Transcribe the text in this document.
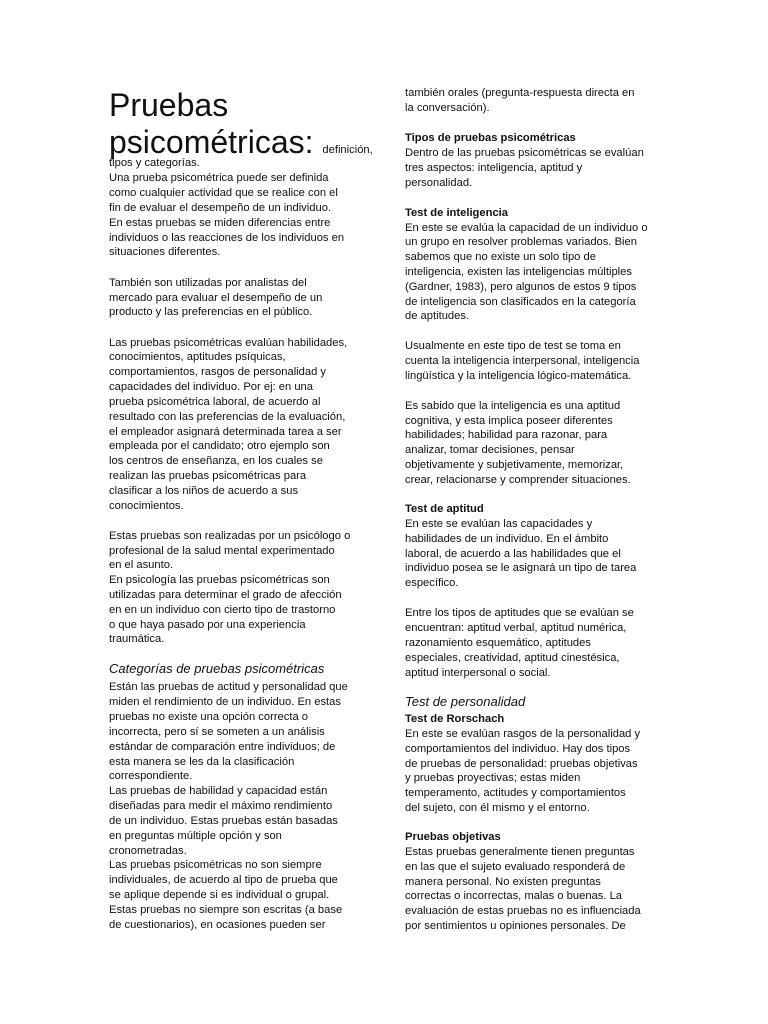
Pruebas
psicométricas: definición,
tipos y categorías.
Una prueba psicométrica puede ser definida
como cualquier actividad que se realice con el
fin de evaluar el desempeño de un individuo.
En estas pruebas se miden diferencias entre
individuos o las reacciones de los individuos en
situaciones diferentes.
También son utilizadas por analistas del
mercado para evaluar el desempeño de un
producto y las preferencias en el público.
Las pruebas psicométricas evalúan habilidades,
conocimientos, aptitudes psíquicas,
comportamientos, rasgos de personalidad y
capacidades del individuo. Por ej: en una
prueba psicométrica laboral, de acuerdo al
resultado con las preferencias de la evaluación,
el empleador asignará determinada tarea a ser
empleada por el candidato; otro ejemplo son
los centros de enseñanza, en los cuales se
realizan las pruebas psicométricas para
clasificar a los niños de acuerdo a sus
conocimientos.
Estas pruebas son realizadas por un psicólogo o
profesional de la salud mental experimentado
en el asunto.
En psicología las pruebas psicométricas son
utilizadas para determinar el grado de afección
en en un individuo con cierto tipo de trastorno
o que haya pasado por una experiencia
traumática.
Categorías de pruebas psicométricas
Están las pruebas de actitud y personalidad que
miden el rendimiento de un individuo. En estas
pruebas no existe una opción correcta o
incorrecta, pero sí se someten a un análisis
estándar de comparación entre individuos; de
esta manera se les da la clasificación
correspondiente.
Las pruebas de habilidad y capacidad están
diseñadas para medir el máximo rendimiento
de un individuo. Estas pruebas están basadas
en preguntas múltiple opción y son
cronometradas.
Las pruebas psicométricas no son siempre
individuales, de acuerdo al tipo de prueba que
se aplique depende si es individual o grupal.
Estas pruebas no siempre son escritas (a base
de cuestionarios), en ocasiones pueden ser
también orales (pregunta-respuesta directa en
la conversación).
Tipos de pruebas psicométricas
Dentro de las pruebas psicométricas se evalúan
tres aspectos: inteligencia, aptitud y
personalidad.
Test de inteligencia
En este se evalúa la capacidad de un individuo o
un grupo en resolver problemas variados. Bien
sabemos que no existe un solo tipo de
inteligencia, existen las inteligencias múltiples
(Gardner, 1983), pero algunos de estos 9 tipos
de inteligencia son clasificados en la categoría
de aptitudes.
Usualmente en este tipo de test se toma en
cuenta la inteligencia interpersonal, inteligencia
lingüística y la inteligencia lógico-matemática.
Es sabido que la inteligencia es una aptitud
cognitiva, y esta implica poseer diferentes
habilidades; habilidad para razonar, para
analizar, tomar decisiones, pensar
objetivamente y subjetivamente, memorizar,
crear, relacionarse y comprender situaciones.
Test de aptitud
En este se evalúan las capacidades y
habilidades de un individuo. En el ámbito
laboral, de acuerdo a las habilidades que el
individuo posea se le asignará un tipo de tarea
específico.
Entre los tipos de aptitudes que se evalúan se
encuentran: aptitud verbal, aptitud numérica,
razonamiento esquemático, aptitudes
especiales, creatividad, aptitud cinestésica,
aptitud interpersonal o social.
Test de personalidad
Test de Rorschach
En este se evalúan rasgos de la personalidad y
comportamientos del individuo. Hay dos tipos
de pruebas de personalidad: pruebas objetivas
y pruebas proyectivas; estas miden
temperamento, actitudes y comportamientos
del sujeto, con él mismo y el entorno.
Pruebas objetivas
Estas pruebas generalmente tienen preguntas
en las que el sujeto evaluado responderá de
manera personal. No existen preguntas
correctas o incorrectas, malas o buenas. La
evaluación de estas pruebas no es influenciada
por sentimientos u opiniones personales. De
